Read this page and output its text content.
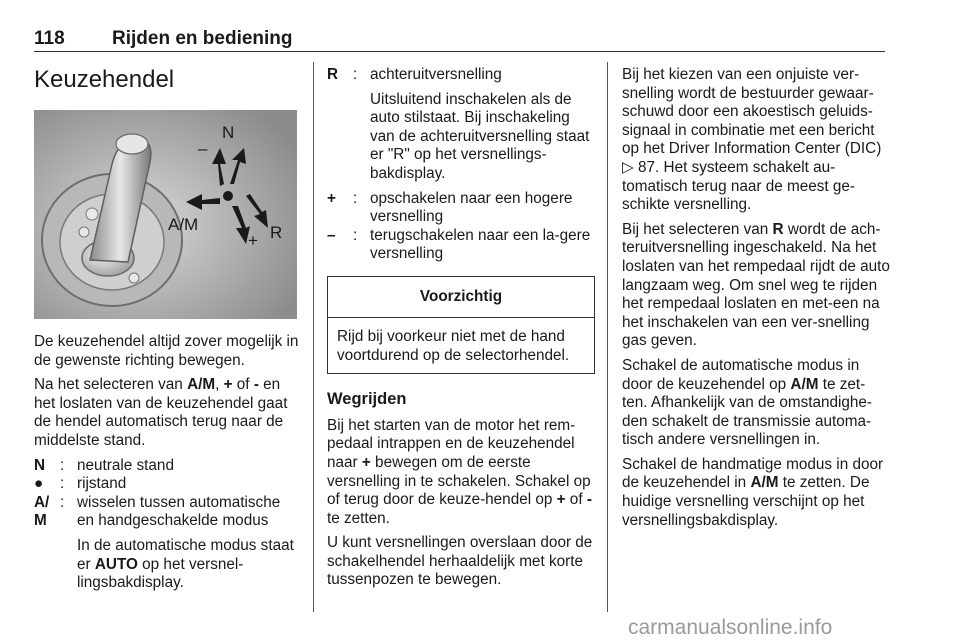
118 Rijden en bediening
Keuzehendel
N
–
A/M
+ R

De keuzehendel altijd zover mogelijk in de gewenste richting bewegen.

Na het selecteren van A/M, + of - en het loslaten van de keuzehendel gaat de hendel automatisch terug naar de middelste stand.

N : neutrale stand
●	: rijstand
A/
M
: wisselen tussen automatische en handgeschakelde modus
In de automatische modus staat er AUTO op het versnel-lingsbakdisplay.
R : achteruitversnelling
Uitsluitend inschakelen als de auto stilstaat. Bij inschakeling van de achteruitversnelling staat er "R" op het versnellings-bakdisplay.
+	: opschakelen naar een hogere versnelling
–	: terugschakelen naar een la-gere versnelling
Voorzichtig
Rijd bij voorkeur niet met de hand voortdurend op de selectorhendel.
Wegrijden

Bij het starten van de motor het rem-pedaal intrappen en de keuzehendel naar + bewegen om de eerste versnelling in te schakelen. Schakel op of terug door de keuze-hendel op + of - te zetten.

U kunt versnellingen overslaan door de schakelhendel herhaaldelijk met korte tussenpozen te bewegen.

Bij het kiezen van een onjuiste ver-snelling wordt de bestuurder gewaar-schuwd door een akoestisch geluids-signaal in combinatie met een bericht op het Driver Information Center (DIC) ▷ 87. Het systeem schakelt au-tomatisch terug naar de meest ge-schikte versnelling.

Bij het selecteren van R wordt de ach-teruitversnelling ingeschakeld. Na het loslaten van het rempedaal rijdt de auto langzaam weg. Om snel weg te rijden het rempedaal loslaten en met-een na het inschakelen van een ver-snelling gas geven.

Schakel de automatische modus in door de keuzehendel op A/M te zet-ten. Afhankelijk van de omstandighe-den schakelt de transmissie automa-tisch andere versnellingen in.

Schakel de handmatige modus in door de keuzehendel in A/M te zetten. De huidige versnelling verschijnt op het versnellingsbakdisplay.

carmanualsonline.info
